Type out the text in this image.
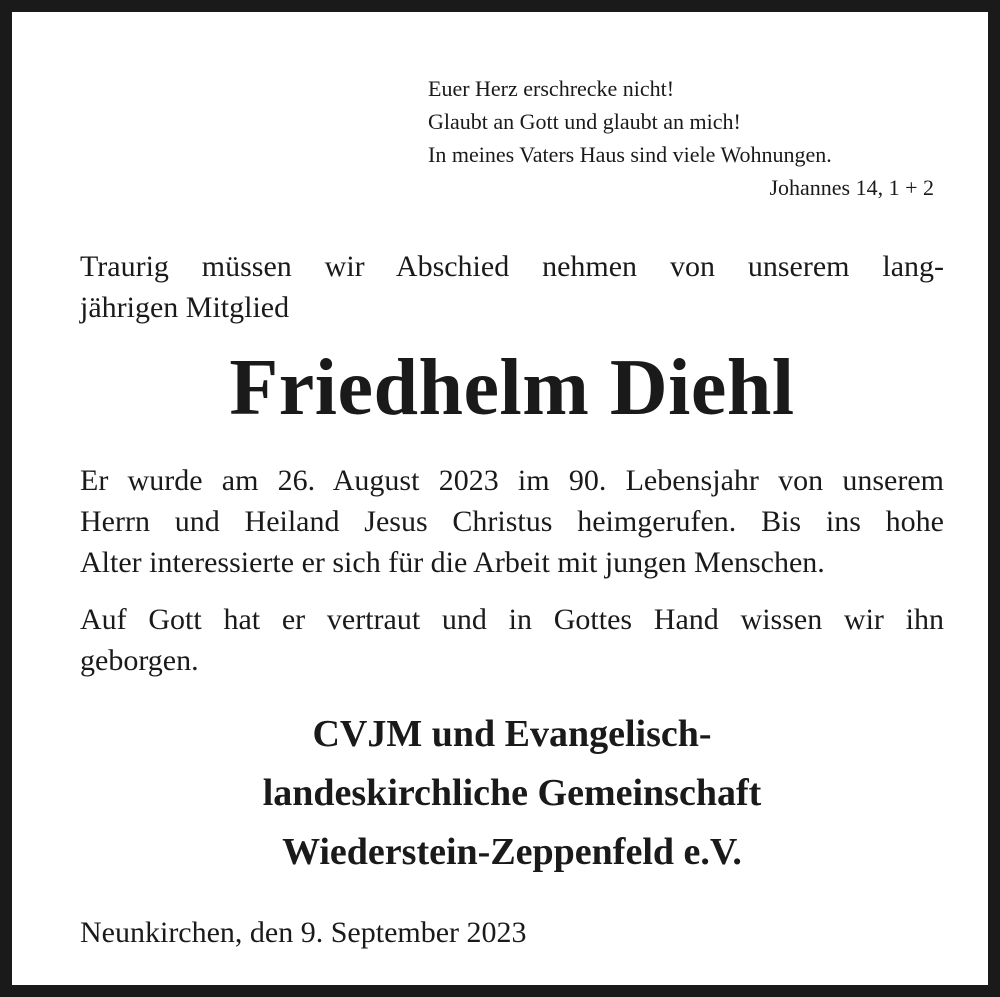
Euer Herz erschrecke nicht!
Glaubt an Gott und glaubt an mich!
In meines Vaters Haus sind viele Wohnungen.
Johannes 14, 1 + 2
Traurig müssen wir Abschied nehmen von unserem lang-
jährigen Mitglied
Friedhelm Diehl
Er wurde am 26. August 2023 im 90. Lebensjahr von unserem
Herrn und Heiland Jesus Christus heimgerufen. Bis ins hohe
Alter interessierte er sich für die Arbeit mit jungen Menschen.
Auf Gott hat er vertraut und in Gottes Hand wissen wir ihn
geborgen.
CVJM und Evangelisch-
landeskirchliche Gemeinschaft
Wiederstein-Zeppenfeld e.V.
Neunkirchen, den 9. September 2023
